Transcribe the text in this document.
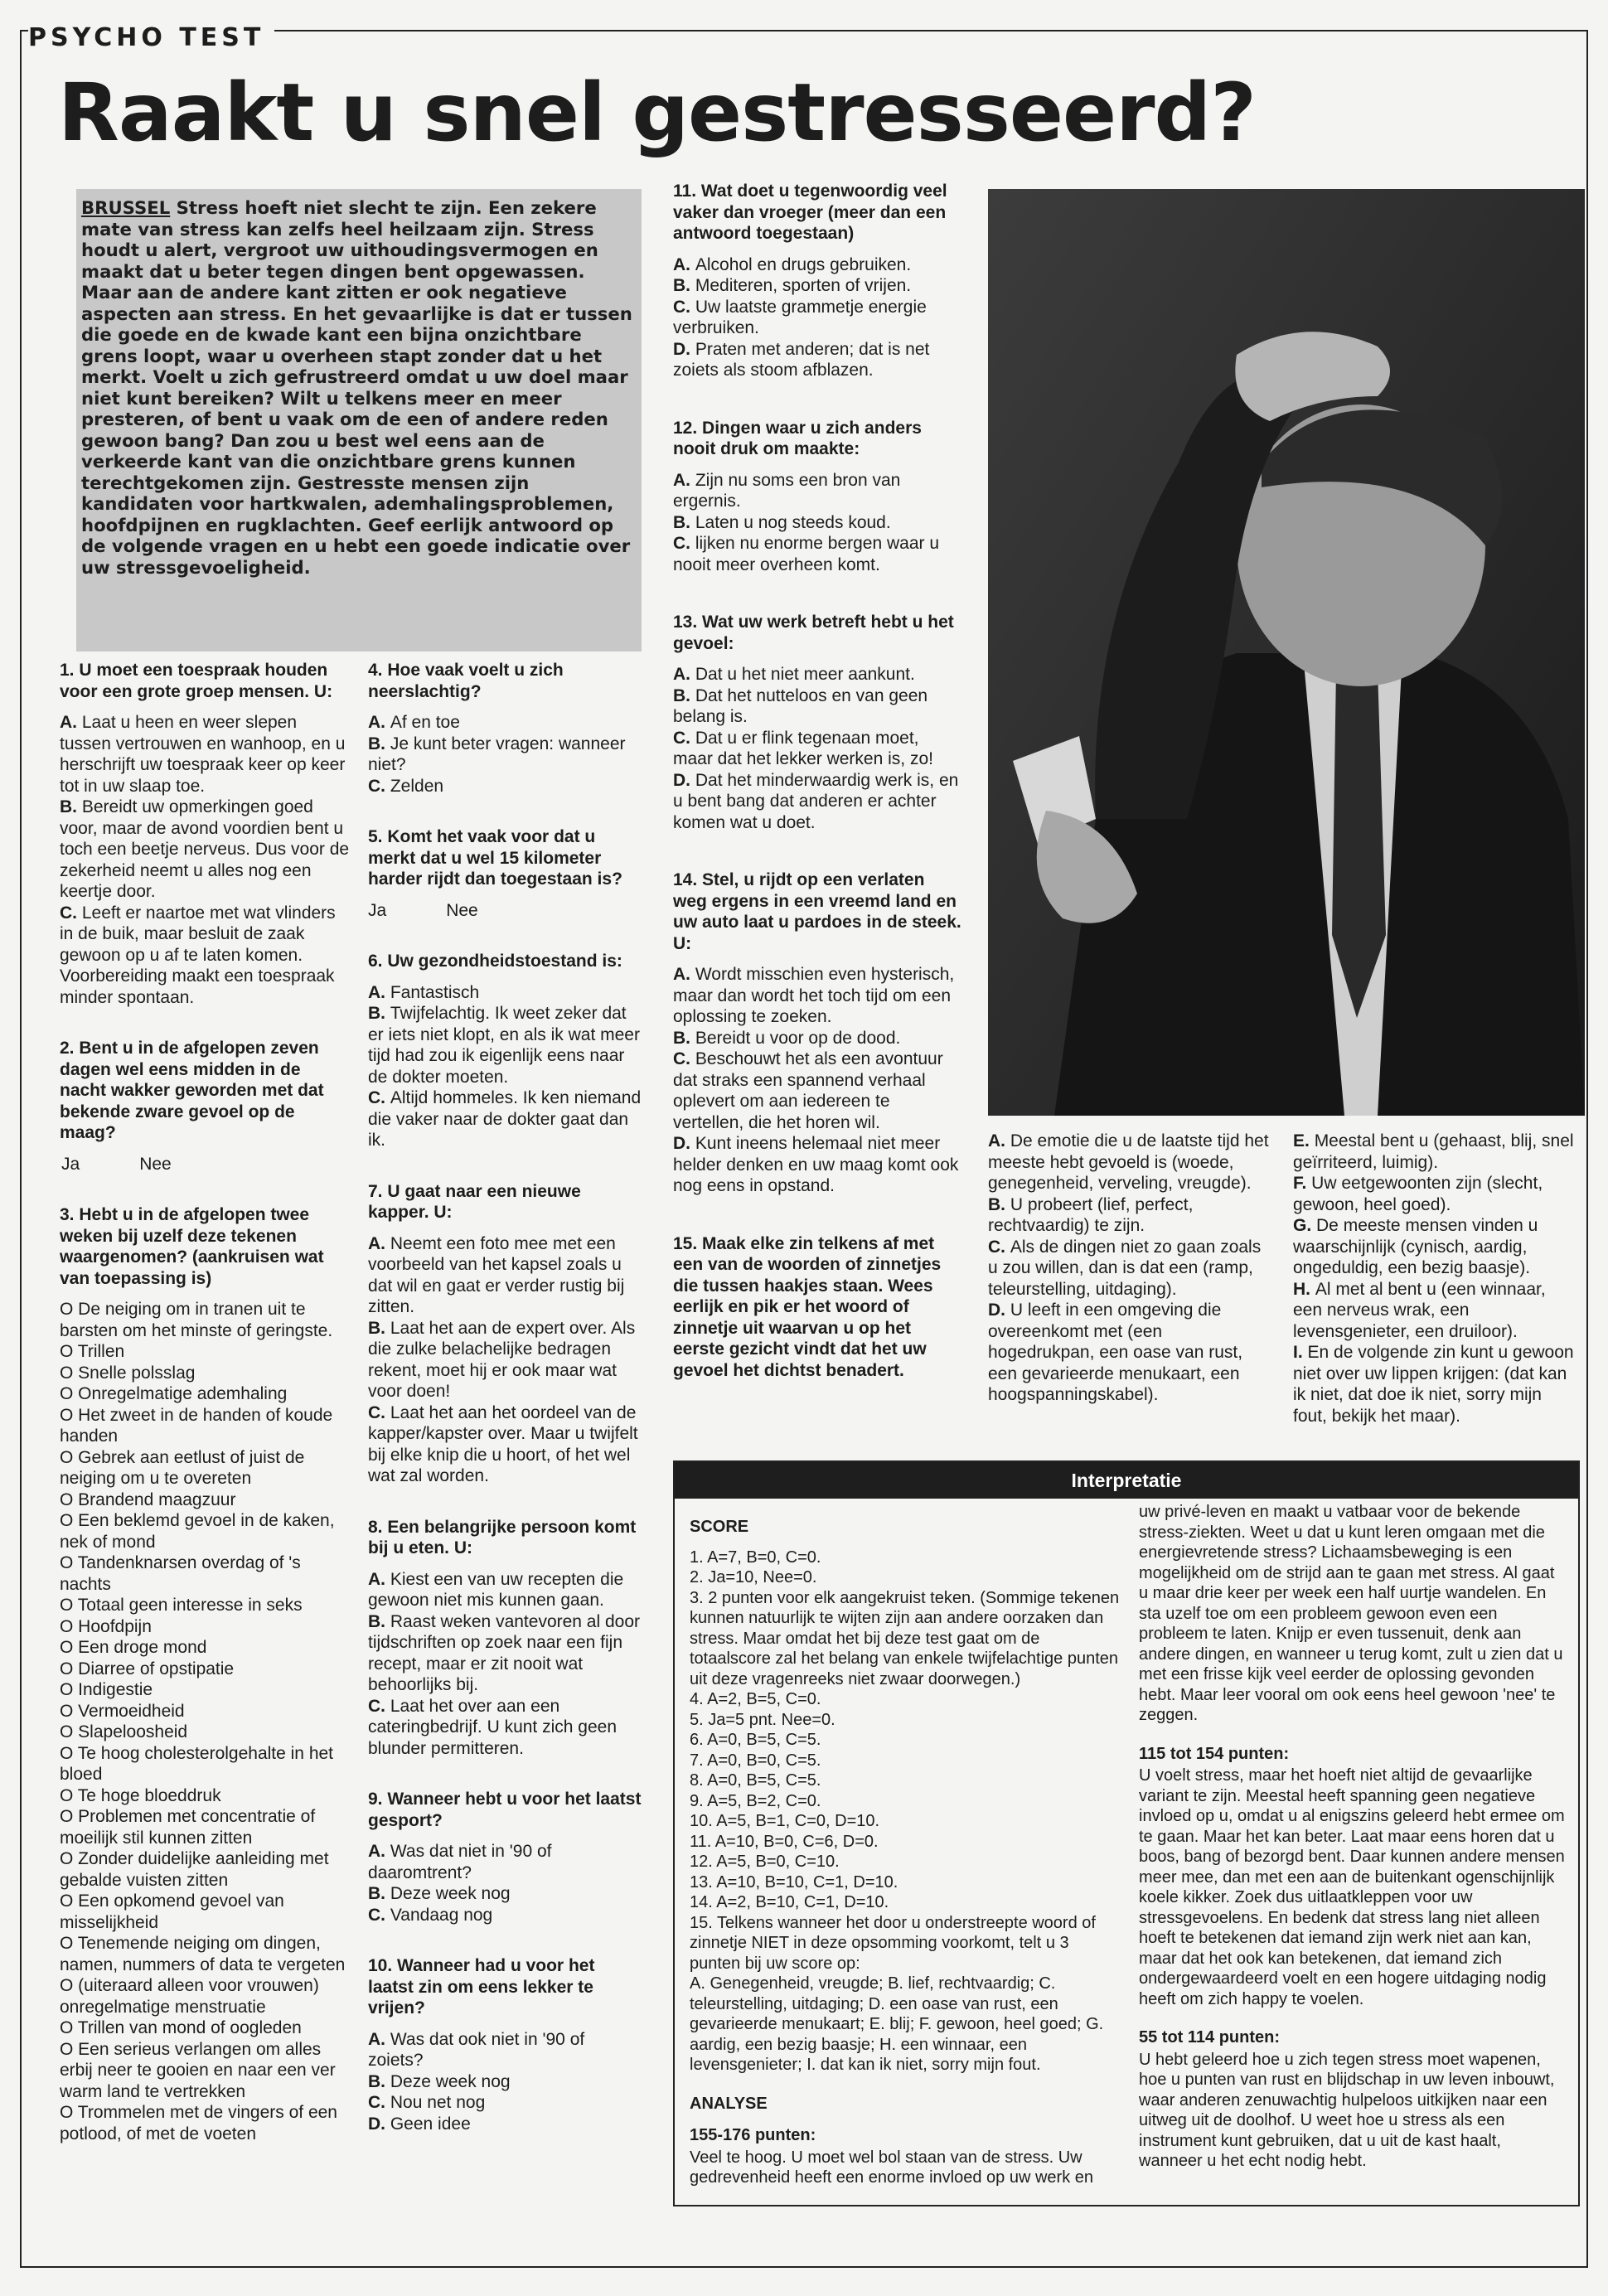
PSYCHO TEST
Raakt u snel gestresseerd?
BRUSSEL Stress hoeft niet slecht te zijn. Een zekere mate van stress kan zelfs heel heilzaam zijn. Stress houdt u alert, vergroot uw uithoudingsvermogen en maakt dat u beter tegen dingen bent opgewassen. Maar aan de andere kant zitten er ook negatieve aspecten aan stress. En het gevaarlijke is dat er tussen die goede en de kwade kant een bijna onzichtbare grens loopt, waar u overheen stapt zonder dat u het merkt. Voelt u zich gefrustreerd omdat u uw doel maar niet kunt bereiken? Wilt u telkens meer en meer presteren, of bent u vaak om de een of andere reden gewoon bang? Dan zou u best wel eens aan de verkeerde kant van die onzichtbare grens kunnen terechtgekomen zijn. Gestresste mensen zijn kandidaten voor hartkwalen, ademhalingsproblemen, hoofdpijnen en rugklachten. Geef eerlijk antwoord op de volgende vragen en u hebt een goede indicatie over uw stressgevoeligheid.
1. U moet een toespraak houden voor een grote groep mensen. U:
A. Laat u heen en weer slepen tussen vertrouwen en wanhoop, en u herschrijft uw toespraak keer op keer tot in uw slaap toe.
B. Bereidt uw opmerkingen goed voor, maar de avond voordien bent u toch een beetje nerveus. Dus voor de zekerheid neemt u alles nog een keertje door.
C. Leeft er naartoe met wat vlinders in de buik, maar besluit de zaak gewoon op u af te laten komen. Voorbereiding maakt een toespraak minder spontaan.
2. Bent u in de afgelopen zeven dagen wel eens midden in de nacht wakker geworden met dat bekende zware gevoel op de maag?
Ja	Nee
3. Hebt u in de afgelopen twee weken bij uzelf deze tekenen waargenomen? (aankruisen wat van toepassing is)
O De neiging om in tranen uit te barsten om het minste of geringste.
O Trillen
O Snelle polsslag
O Onregelmatige ademhaling
O Het zweet in de handen of koude handen
O Gebrek aan eetlust of juist de neiging om u te overeten
O Brandend maagzuur
O Een beklemd gevoel in de kaken, nek of mond
O Tandenknarsen overdag of 's nachts
O Totaal geen interesse in seks
O Hoofdpijn
O Een droge mond
O Diarree of opstipatie
O Indigestie
O Vermoeidheid
O Slapeloosheid
O Te hoog cholesterolgehalte in het bloed
O Te hoge bloeddruk
O Problemen met concentratie of moeilijk stil kunnen zitten
O Zonder duidelijke aanleiding met gebalde vuisten zitten
O Een opkomend gevoel van misselijkheid
O Tenemende neiging om dingen, namen, nummers of data te vergeten
O (uiteraard alleen voor vrouwen) onregelmatige menstruatie
O Trillen van mond of oogleden
O Een serieus verlangen om alles erbij neer te gooien en naar een ver warm land te vertrekken
O Trommelen met de vingers of een potlood, of met de voeten
4. Hoe vaak voelt u zich neerslachtig?
A. Af en toe
B. Je kunt beter vragen: wanneer niet?
C. Zelden
5. Komt het vaak voor dat u merkt dat u wel 15 kilometer harder rijdt dan toegestaan is?
Ja	Nee
6. Uw gezondheidstoestand is:
A. Fantastisch
B. Twijfelachtig. Ik weet zeker dat er iets niet klopt, en als ik wat meer tijd had zou ik eigenlijk eens naar de dokter moeten.
C. Altijd hommeles. Ik ken niemand die vaker naar de dokter gaat dan ik.
7. U gaat naar een nieuwe kapper. U:
A. Neemt een foto mee met een voorbeeld van het kapsel zoals u dat wil en gaat er verder rustig bij zitten.
B. Laat het aan de expert over. Als die zulke belachelijke bedragen rekent, moet hij er ook maar wat voor doen!
C. Laat het aan het oordeel van de kapper/kapster over. Maar u twijfelt bij elke knip die u hoort, of het wel wat zal worden.
8. Een belangrijke persoon komt bij u eten. U:
A. Kiest een van uw recepten die gewoon niet mis kunnen gaan.
B. Raast weken vantevoren al door tijdschriften op zoek naar een fijn recept, maar er zit nooit wat behoorlijks bij.
C. Laat het over aan een cateringbedrijf. U kunt zich geen blunder permitteren.
9. Wanneer hebt u voor het laatst gesport?
A. Was dat niet in '90 of daaromtrent?
B. Deze week nog
C. Vandaag nog
10. Wanneer had u voor het laatst zin om eens lekker te vrijen?
A. Was dat ook niet in '90 of zoiets?
B. Deze week nog
C. Nou net nog
D. Geen idee
11. Wat doet u tegenwoordig veel vaker dan vroeger (meer dan een antwoord toegestaan)
A. Alcohol en drugs gebruiken.
B. Mediteren, sporten of vrijen.
C. Uw laatste grammetje energie verbruiken.
D. Praten met anderen; dat is net zoiets als stoom afblazen.
12. Dingen waar u zich anders nooit druk om maakte:
A. Zijn nu soms een bron van ergernis.
B. Laten u nog steeds koud.
C. lijken nu enorme bergen waar u nooit meer overheen komt.
13. Wat uw werk betreft hebt u het gevoel:
A. Dat u het niet meer aankunt.
B. Dat het nutteloos en van geen belang is.
C. Dat u er flink tegenaan moet, maar dat het lekker werken is, zo!
D. Dat het minderwaardig werk is, en u bent bang dat anderen er achter komen wat u doet.
14. Stel, u rijdt op een verlaten weg ergens in een vreemd land en uw auto laat u pardoes in de steek. U:
A. Wordt misschien even hysterisch, maar dan wordt het toch tijd om een oplossing te zoeken.
B. Bereidt u voor op de dood.
C. Beschouwt het als een avontuur dat straks een spannend verhaal oplevert om aan iedereen te vertellen, die het horen wil.
D. Kunt ineens helemaal niet meer helder denken en uw maag komt ook nog eens in opstand.
15. Maak elke zin telkens af met een van de woorden of zinnetjes die tussen haakjes staan. Wees eerlijk en pik er het woord of zinnetje uit waarvan u op het eerste gezicht vindt dat het uw gevoel het dichtst benadert.
A. De emotie die u de laatste tijd het meeste hebt gevoeld is (woede, genegenheid, verveling, vreugde).
B. U probeert (lief, perfect, rechtvaardig) te zijn.
C. Als de dingen niet zo gaan zoals u zou willen, dan is dat een (ramp, teleurstelling, uitdaging).
D. U leeft in een omgeving die overeenkomt met (een hogedrukpan, een oase van rust, een gevarieerde menukaart, een hoogspanningskabel).
E. Meestal bent u (gehaast, blij, snel geïrriteerd, luimig).
F. Uw eetgewoonten zijn (slecht, gewoon, heel goed).
G. De meeste mensen vinden u waarschijnlijk (cynisch, aardig, ongeduldig, een bezig baasje).
H. Al met al bent u (een winnaar, een nerveus wrak, een levensgenieter, een druiloor).
I. En de volgende zin kunt u gewoon niet over uw lippen krijgen: (dat kan ik niet, dat doe ik niet, sorry mijn fout, bekijk het maar).
Interpretatie
SCORE
1. A=7, B=0, C=0.
2. Ja=10, Nee=0.
3. 2 punten voor elk aangekruist teken. (Sommige tekenen kunnen natuurlijk te wijten zijn aan andere oorzaken dan stress. Maar omdat het bij deze test gaat om de totaalscore zal het belang van enkele twijfelachtige punten uit deze vragenreeks niet zwaar doorwegen.)
4. A=2, B=5, C=0.
5. Ja=5 pnt. Nee=0.
6. A=0, B=5, C=5.
7. A=0, B=0, C=5.
8. A=0, B=5, C=5.
9. A=5, B=2, C=0.
10. A=5, B=1, C=0, D=10.
11. A=10, B=0, C=6, D=0.
12. A=5, B=0, C=10.
13. A=10, B=10, C=1, D=10.
14. A=2, B=10, C=1, D=10.
15. Telkens wanneer het door u onderstreepte woord of zinnetje NIET in deze opsomming voorkomt, telt u 3 punten bij uw score op:
A. Genegenheid, vreugde; B. lief, rechtvaardig; C. teleurstelling, uitdaging; D. een oase van rust, een gevarieerde menukaart; E. blij; F. gewoon, heel goed; G. aardig, een bezig baasje; H. een winnaar, een levensgenieter; I. dat kan ik niet, sorry mijn fout.
ANALYSE
155-176 punten:
Veel te hoog. U moet wel bol staan van de stress. Uw gedrevenheid heeft een enorme invloed op uw werk en
uw privé-leven en maakt u vatbaar voor de bekende stress-ziekten. Weet u dat u kunt leren omgaan met die energievretende stress? Lichaamsbeweging is een mogelijkheid om de strijd aan te gaan met stress. Al gaat u maar drie keer per week een half uurtje wandelen. En sta uzelf toe om een probleem gewoon even een probleem te laten. Knijp er even tussenuit, denk aan andere dingen, en wanneer u terug komt, zult u zien dat u met een frisse kijk veel eerder de oplossing gevonden hebt. Maar leer vooral om ook eens heel gewoon 'nee' te zeggen.
115 tot 154 punten:
U voelt stress, maar het hoeft niet altijd de gevaarlijke variant te zijn. Meestal heeft spanning geen negatieve invloed op u, omdat u al enigszins geleerd hebt ermee om te gaan. Maar het kan beter. Laat maar eens horen dat u boos, bang of bezorgd bent. Daar kunnen andere mensen meer mee, dan met een aan de buitenkant ogenschijnlijk koele kikker. Zoek dus uitlaatkleppen voor uw stressgevoelens. En bedenk dat stress lang niet alleen hoeft te betekenen dat iemand zijn werk niet aan kan, maar dat het ook kan betekenen, dat iemand zich ondergewaardeerd voelt en een hogere uitdaging nodig heeft om zich happy te voelen.
55 tot 114 punten:
U hebt geleerd hoe u zich tegen stress moet wapenen, hoe u punten van rust en blijdschap in uw leven inbouwt, waar anderen zenuwachtig hulpeloos uitkijken naar een uitweg uit de doolhof. U weet hoe u stress als een instrument kunt gebruiken, dat u uit de kast haalt, wanneer u het echt nodig hebt.
